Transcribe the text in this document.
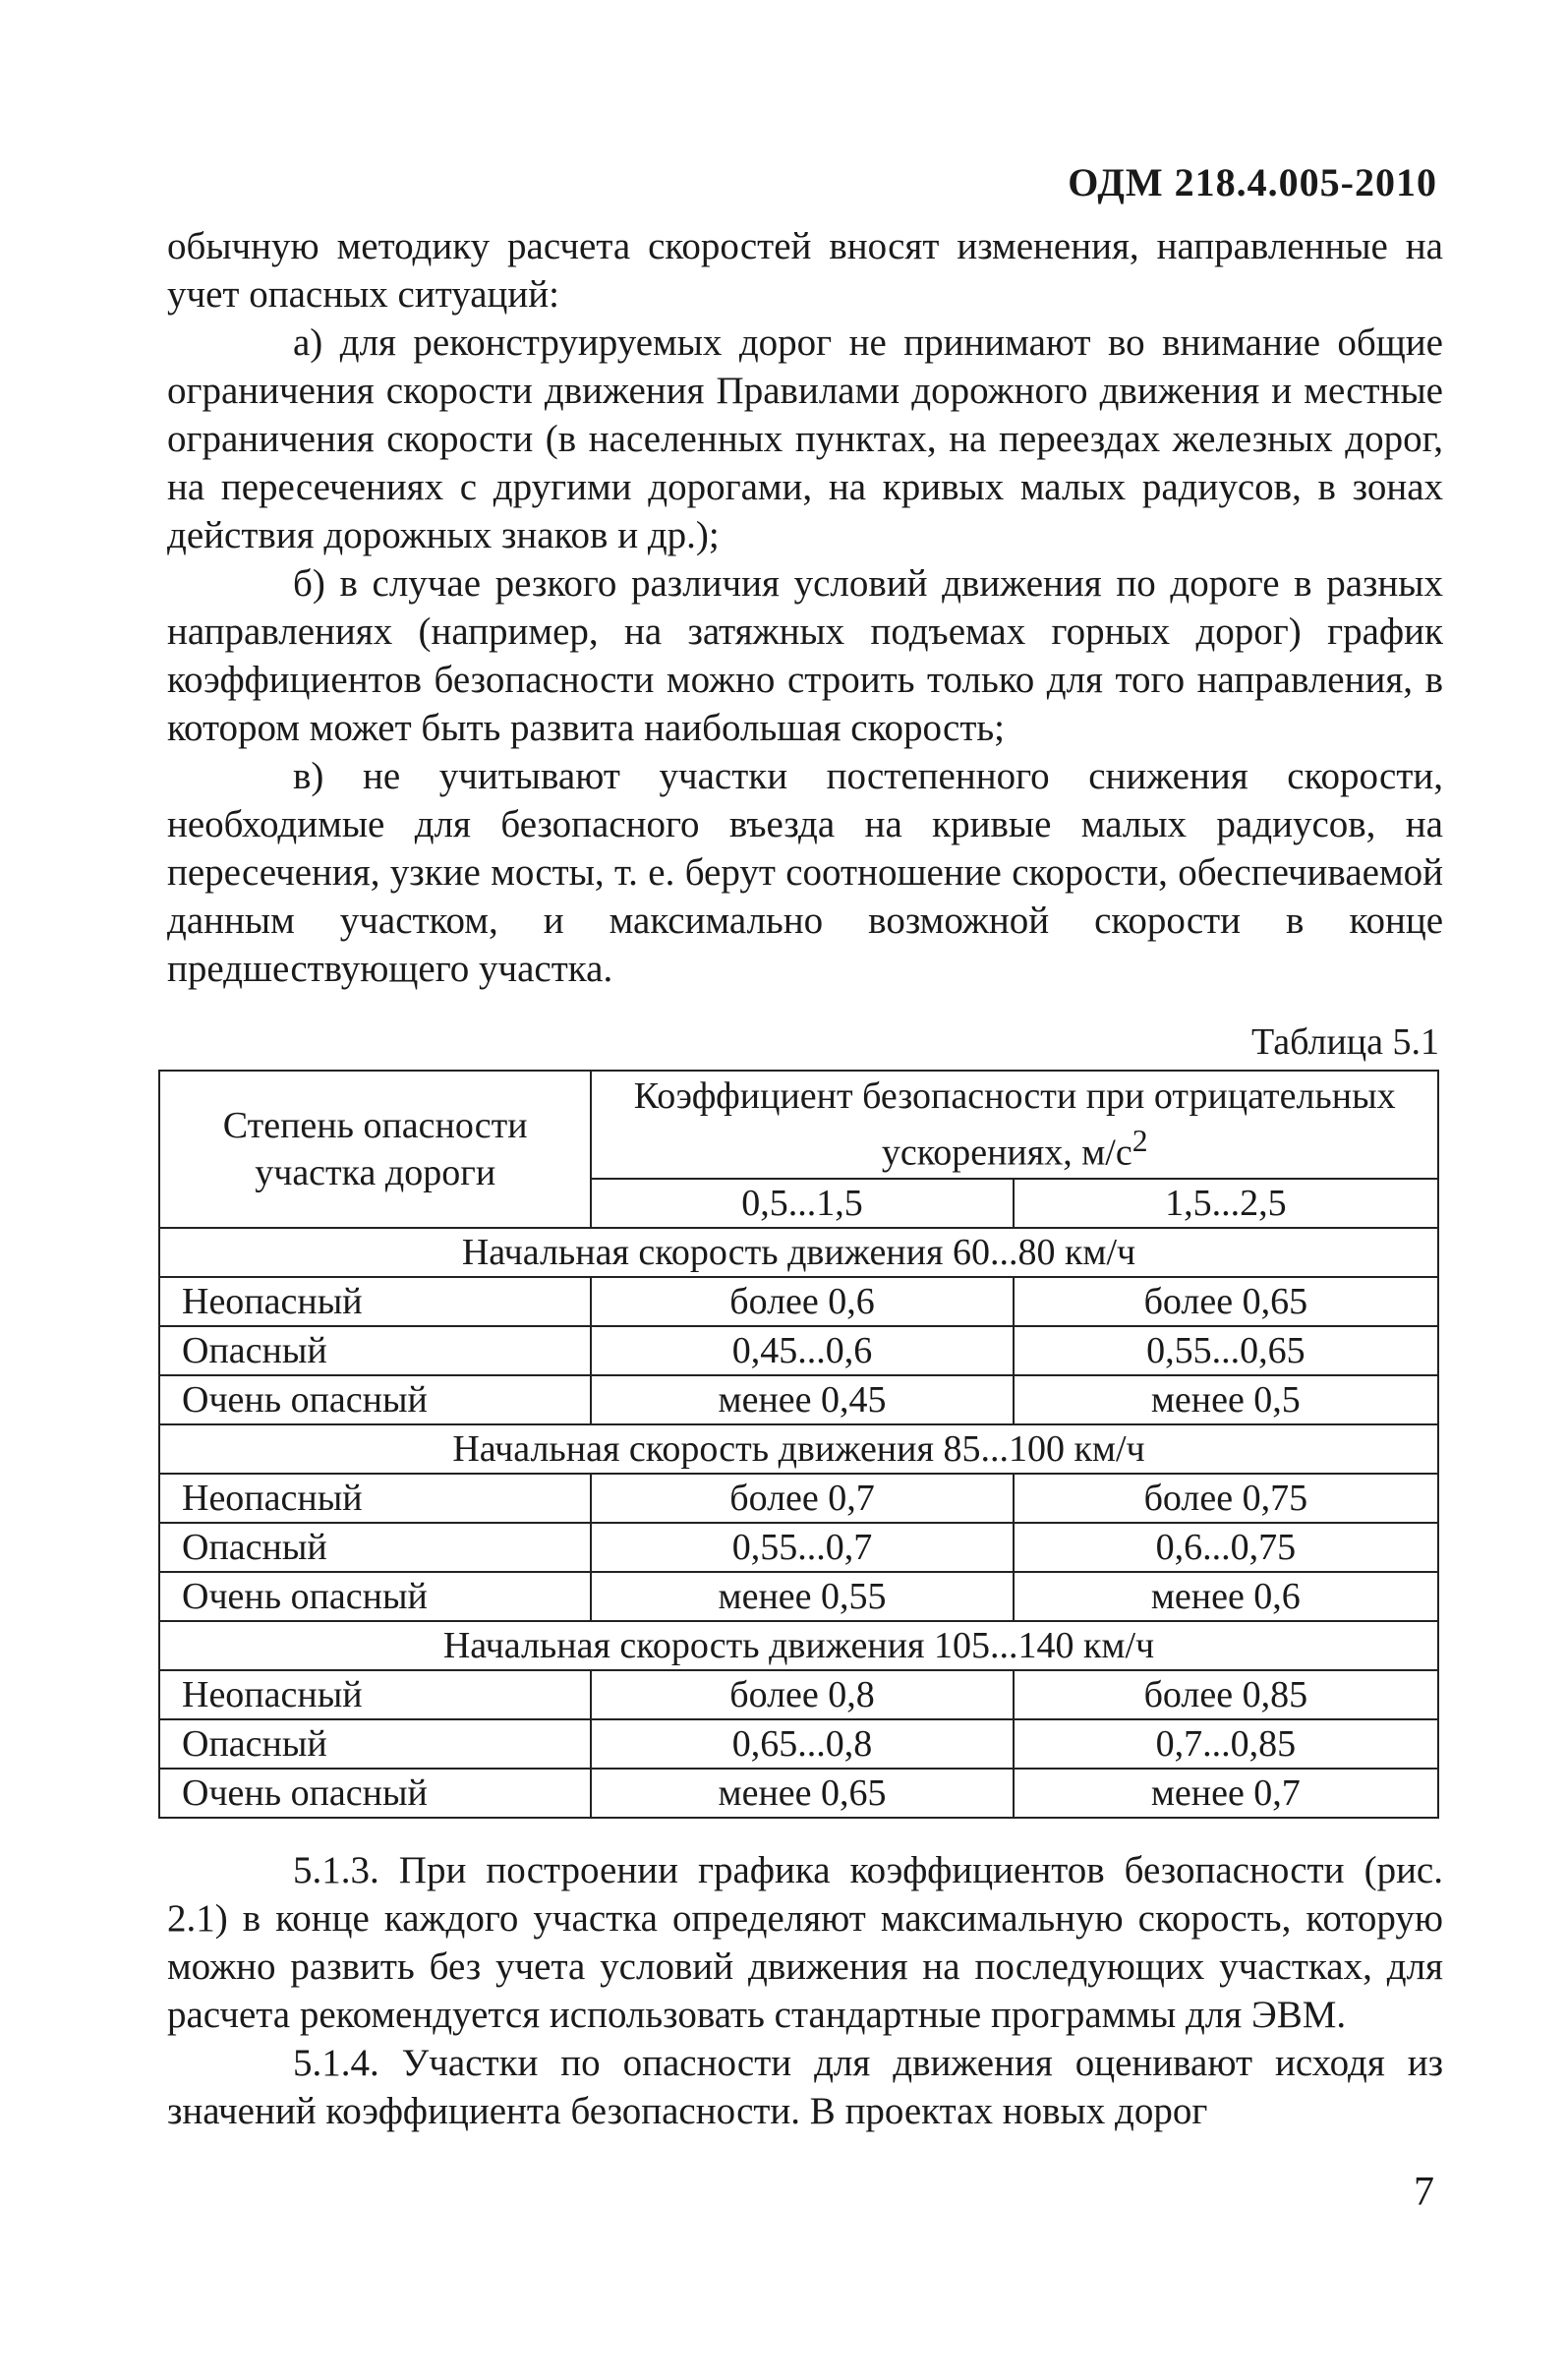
ОДМ 218.4.005-2010

обычную методику расчета скоростей вносят изменения, направленные на учет опасных ситуаций:

а) для реконструируемых дорог не принимают во внимание общие ограничения скорости движения Правилами дорожного движения и местные ограничения скорости (в населенных пунктах, на переездах железных дорог, на пересечениях с другими дорогами, на кривых малых радиусов, в зонах действия дорожных знаков и др.);

б) в случае резкого различия условий движения по дороге в разных направлениях (например, на затяжных подъемах горных дорог) график коэффициентов безопасности можно строить только для того направления, в котором может быть развита наибольшая скорость;

в) не учитывают участки постепенного снижения скорости, необходимые для безопасного въезда на кривые малых радиусов, на пересечения, узкие мосты, т. е. берут соотношение скорости, обеспечиваемой данным участком, и максимально возможной скорости в конце предшествующего участка.

Таблица 5.1
Степень опасности участка дороги	Коэффициент безопасности при отрицательных ускорениях, $м/с^2$
	0,5...1,5	1,5...2,5
Начальная скорость движения 60...80 км/ч		
Неопасный	более 0,6	более 0,65
Опасный	0,45...0,6	0,55...0,65
Очень опасный	менее 0,45	менее 0,5
Начальная скорость движения 85...100 км/ч		
Неопасный	более 0,7	более 0,75
Опасный	0,55...0,7	0,6...0,75
Очень опасный	менее 0,55	менее 0,6
Начальная скорость движения 105...140 км/ч		
Неопасный	более 0,8	более 0,85
Опасный	0,65...0,8	0,7...0,85
Очень опасный	менее 0,65	менее 0,7

5.1.3. При построении графика коэффициентов безопасности (рис. 2.1) в конце каждого участка определяют максимальную скорость, которую можно развить без учета условий движения на последующих участках, для расчета рекомендуется использовать стандартные программы для ЭВМ.

5.1.4. Участки по опасности для движения оценивают исходя из значений коэффициента безопасности. В проектах новых дорог

7
